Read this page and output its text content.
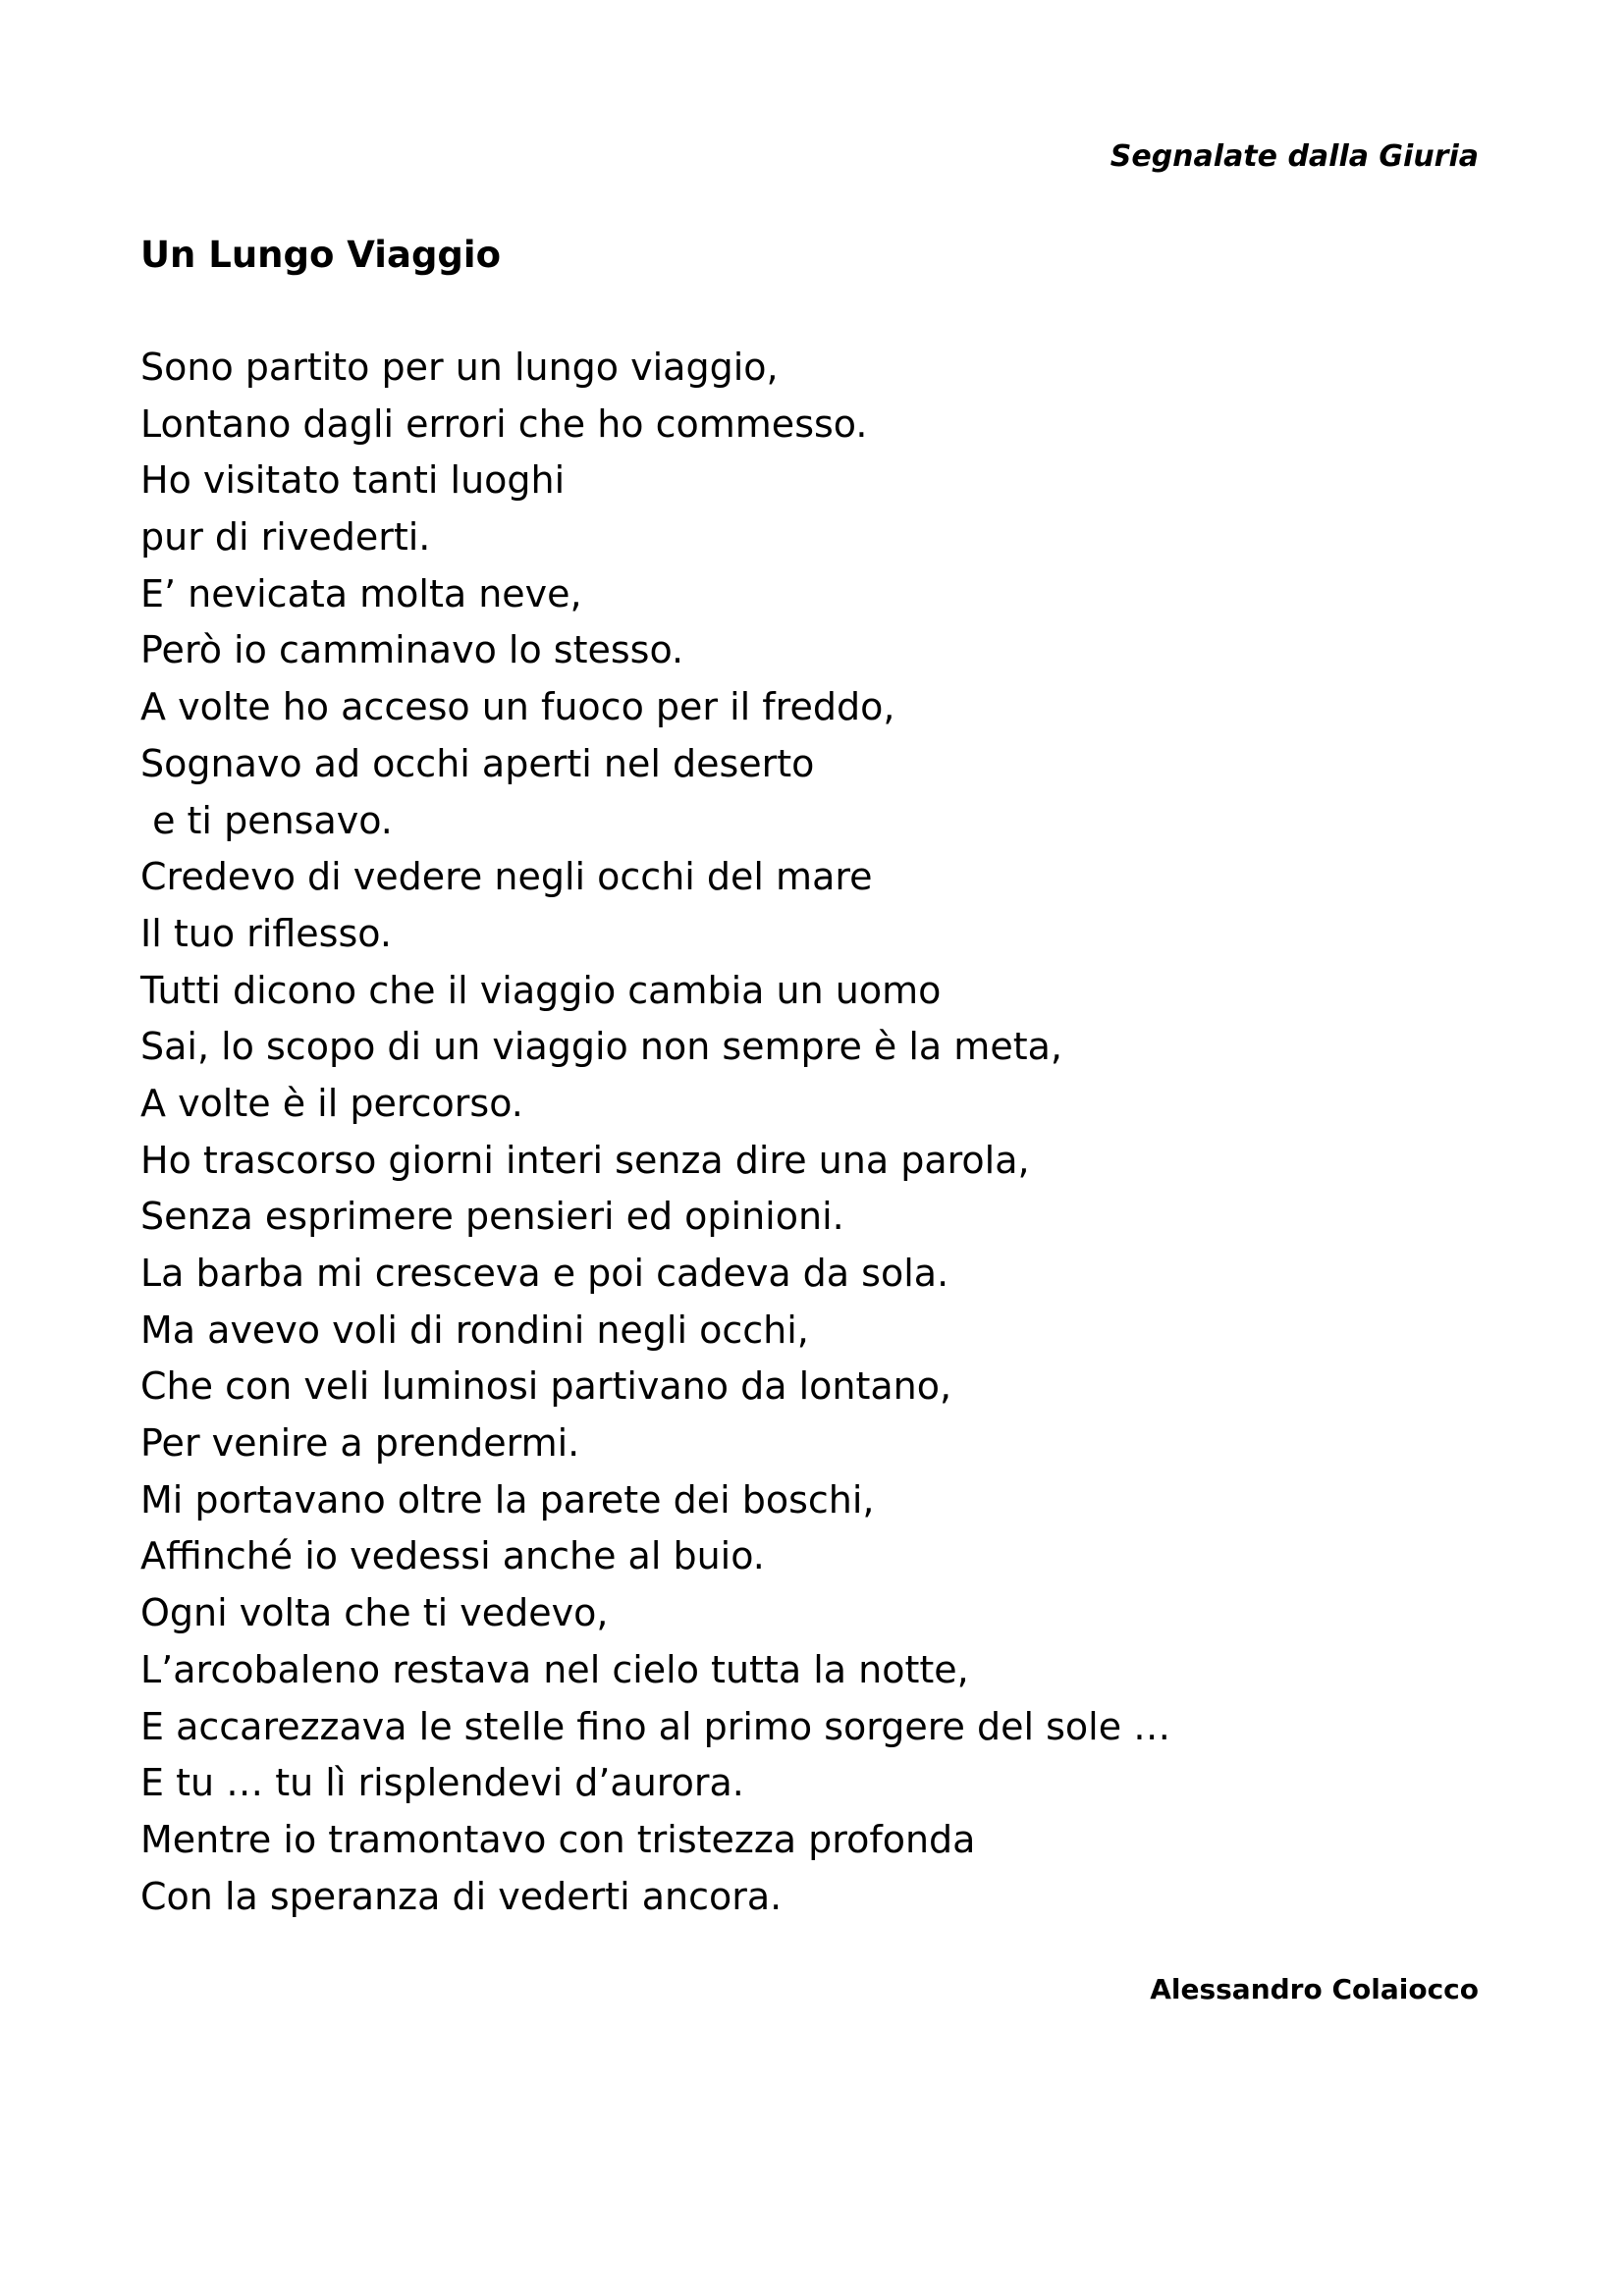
Segnalate dalla Giuria
Un Lungo Viaggio
Sono partito per un lungo viaggio,
Lontano dagli errori che ho commesso.
Ho visitato tanti luoghi
pur di rivederti.
E’ nevicata molta neve,
Però io camminavo lo stesso.
A volte ho acceso un fuoco per il freddo,
Sognavo ad occhi aperti nel deserto
e ti pensavo.
Credevo di vedere negli occhi del mare
Il tuo riflesso.
Tutti dicono che il viaggio cambia un uomo
Sai, lo scopo di un viaggio non sempre è la meta,
A volte è il percorso.
Ho trascorso giorni interi senza dire una parola,
Senza esprimere pensieri ed opinioni.
La barba mi cresceva e poi cadeva da sola.
Ma avevo voli di rondini negli occhi,
Che con veli luminosi partivano da lontano,
Per venire a prendermi.
Mi portavano oltre la parete dei boschi,
Affinché io vedessi anche al buio.
Ogni volta che ti vedevo,
L’arcobaleno restava nel cielo tutta la notte,
E accarezzava le stelle fino al primo sorgere del sole …
E tu … tu lì risplendevi d’aurora.
Mentre io tramontavo con tristezza profonda
Con la speranza di vederti ancora.
Alessandro Colaiocco
